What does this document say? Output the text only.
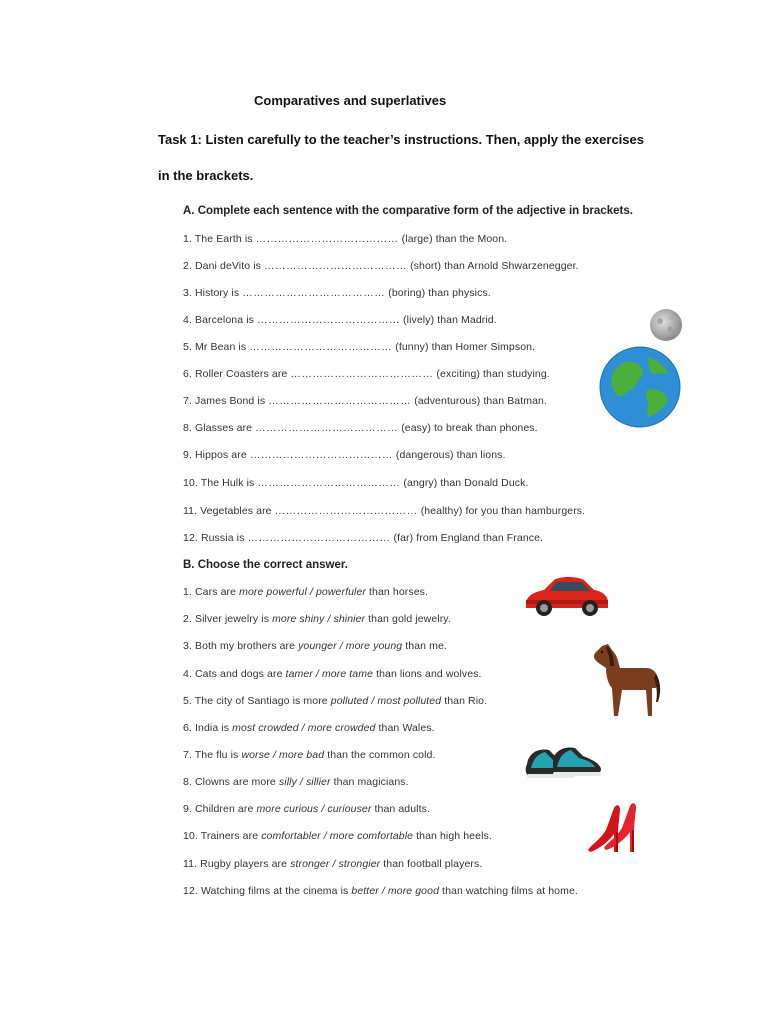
Comparatives and superlatives
Task 1: Listen carefully to the teacher’s instructions. Then, apply the exercises in the brackets.
A. Complete each sentence with the comparative form of the adjective in brackets.
1. The Earth is ………………………………… (large) than the Moon.
2. Dani deVito is ………………………………… (short) than Arnold Shwarzenegger.
3. History is ………………………………… (boring) than physics.
4. Barcelona is ………………………………… (lively) than Madrid.
5. Mr Bean is ………………………………… (funny) than Homer Simpson.
6. Roller Coasters are ………………………………… (exciting) than studying.
7. James Bond is ………………………………… (adventurous) than Batman.
8. Glasses are ………………………………… (easy) to break than phones.
9. Hippos are ………………………………… (dangerous) than lions.
10. The Hulk is ………………………………… (angry) than Donald Duck.
11. Vegetables are ………………………………… (healthy) for you than hamburgers.
12. Russia is ………………………………… (far) from England than France.
B. Choose the correct answer.
1. Cars are more powerful / powerfuler than horses.
2. Silver jewelry is more shiny / shinier than gold jewelry.
3. Both my brothers are younger / more young than me.
4. Cats and dogs are tamer / more tame than lions and wolves.
5. The city of Santiago is more polluted / most polluted than Rio.
6. India is most crowded / more crowded than Wales.
7. The flu is worse / more bad than the common cold.
8. Clowns are more silly / sillier than magicians.
9. Children are more curious / curiouser than adults.
10. Trainers are comfortabler / more comfortable than high heels.
11. Rugby players are stronger / strongier than football players.
12. Watching films at the cinema is better / more good than watching films at home.
